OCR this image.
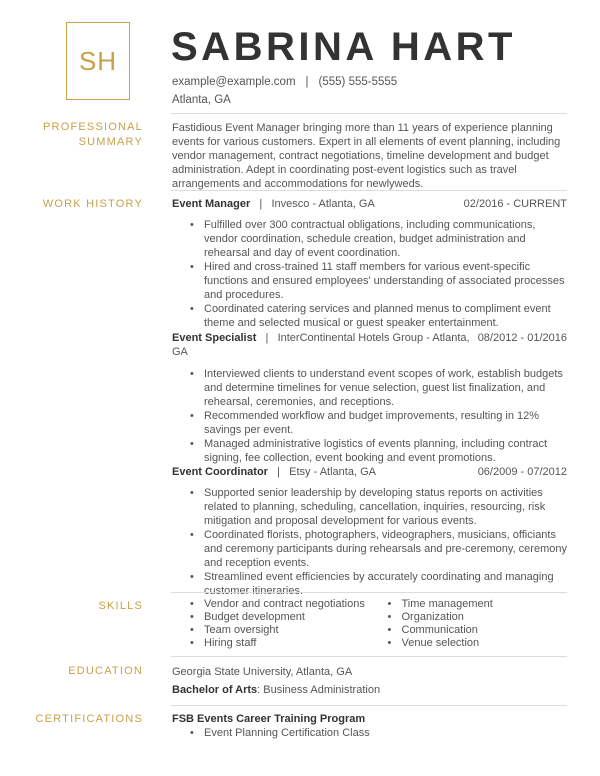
SH	SABRINA HART
example@example.com | (555) 555-5555
Atlanta, GA
PROFESSIONAL
SUMMARY
Fastidious Event Manager bringing more than 11 years of experience planning events for various customers. Expert in all elements of event planning, including vendor management, contract negotiations, timeline development and budget administration. Adept in coordinating post-event logistics such as travel arrangements and accommodations for newlyweds.
WORK HISTORY	Event Manager | Invesco - Atlanta, GA	02/2016 - CURRENT
• Fulfilled over 300 contractual obligations, including communications, vendor coordination, schedule creation, budget administration and rehearsal and day of event coordination.
• Hired and cross-trained 11 staff members for various event-specific functions and ensured employees' understanding of associated processes and procedures.
• Coordinated catering services and planned menus to compliment event theme and selected musical or guest speaker entertainment.
Event Specialist | InterContinental Hotels Group - Atlanta, GA
08/2012 - 01/2016
• Interviewed clients to understand event scopes of work, establish budgets and determine timelines for venue selection, guest list finalization, and rehearsal, ceremonies, and receptions.
• Recommended workflow and budget improvements, resulting in 12% savings per event.
• Managed administrative logistics of events planning, including contract signing, fee collection, event booking and event promotions.
Event Coordinator | Etsy - Atlanta, GA	06/2009 - 07/2012
• Supported senior leadership by developing status reports on activities related to planning, scheduling, cancellation, inquiries, resourcing, risk mitigation and proposal development for various events.
• Coordinated florists, photographers, videographers, musicians, officiants and ceremony participants during rehearsals and pre-ceremony, ceremony and reception events.
• Streamlined event efficiencies by accurately coordinating and managing customer itineraries.
SKILLS
•	Vendor and contract negotiations
• Budget development
• Team oversight
• Hiring staff
• Time management
• Organization
• Communication
• Venue selection
EDUCATION	Georgia State University, Atlanta, GA
Bachelor of Arts: Business Administration
CERTIFICATIONS	FSB Events Career Training Program
• Event Planning Certification Class
